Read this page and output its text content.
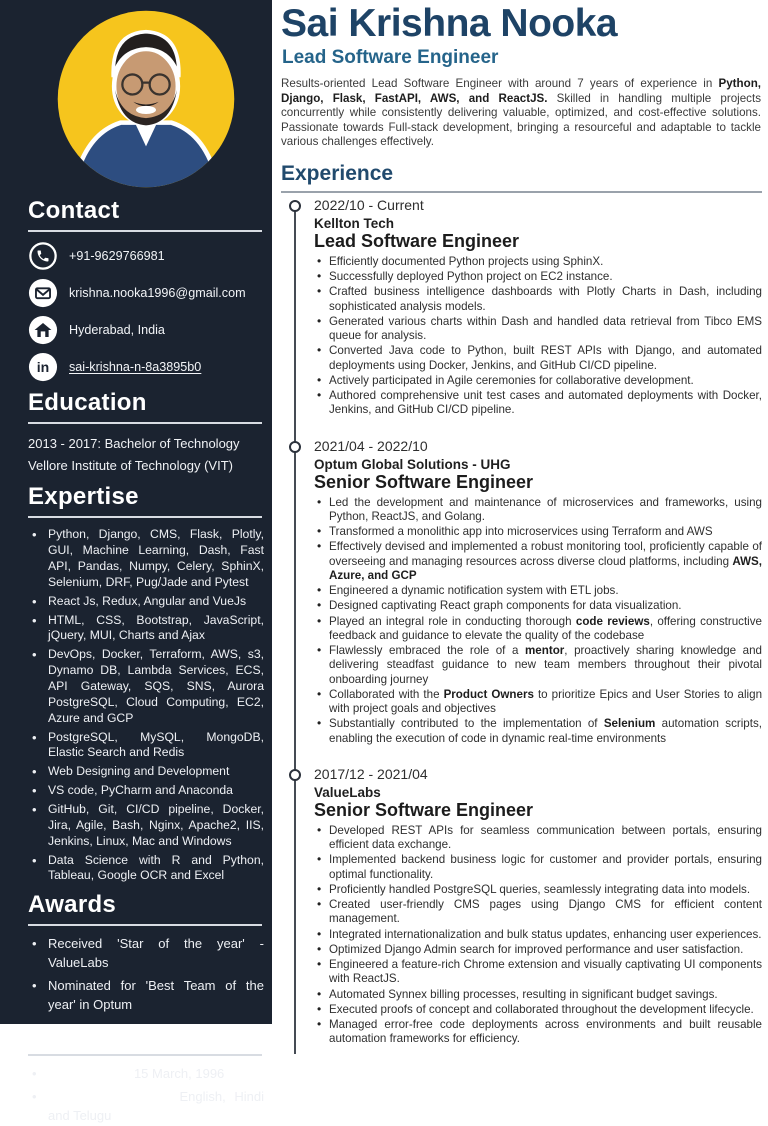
Contact
+91-9629766981
krishna.nooka1996@gmail.com
Hyderabad, India
in sai-krishna-n-8a3895b0
Education

2013 - 2017: Bachelor of Technology

Vellore Institute of Technology (VIT)

Expertise
• Python, Django, CMS, Flask, Plotly, GUI, Machine Learning, Dash, Fast API, Pandas, Numpy, Celery, SphinX, Selenium, DRF, Pug/Jade and Pytest
• React Js, Redux, Angular and VueJs
• HTML, CSS, Bootstrap, JavaScript, jQuery, MUI, Charts and Ajax
• DevOps, Docker, Terraform, AWS, s3, Dynamo DB, Lambda Services, ECS, API Gateway, SQS, SNS, Aurora PostgreSQL, Cloud Computing, EC2, Azure and GCP
• PostgreSQL, MySQL, MongoDB, Elastic Search and Redis
• Web Designing and Development
• VS code, PyCharm and Anaconda
• GitHub, Git, CI/CD pipeline, Docker, Jira, Agile, Bash, Nginx, Apache2, IIS, Jenkins, Linux, Mac and Windows
• Data Science with R and Python, Tableau, Google OCR and Excel
Awards
• Received 'Star of the year' - ValueLabs
• Nominated for 'Best Team of the year' in Optum
Personal Details
• Date of Birth: 15 March, 1996
• Languages known: English, Hindi and Telugu
Sai Krishna Nooka
Lead Software Engineer

Results-oriented Lead Software Engineer with around 7 years of experience in Python, Django, Flask, FastAPI, AWS, and ReactJS. Skilled in handling multiple projects concurrently while consistently delivering valuable, optimized, and cost-effective solutions. Passionate towards Full-stack development, bringing a resourceful and adaptable to tackle various challenges effectively.

Experience
2022/10 - Current
Kellton Tech
Lead Software Engineer
• Efficiently documented Python projects using SphinX.
• Successfully deployed Python project on EC2 instance.
• Crafted business intelligence dashboards with Plotly Charts in Dash, including sophisticated analysis models.
• Generated various charts within Dash and handled data retrieval from Tibco EMS queue for analysis.
• Converted Java code to Python, built REST APIs with Django, and automated deployments using Docker, Jenkins, and GitHub CI/CD pipeline.
• Actively participated in Agile ceremonies for collaborative development.
• Authored comprehensive unit test cases and automated deployments with Docker, Jenkins, and GitHub CI/CD pipeline.
2021/04 - 2022/10
Optum Global Solutions - UHG
Senior Software Engineer
• Led the development and maintenance of microservices and frameworks, using Python, ReactJS, and Golang.
• Transformed a monolithic app into microservices using Terraform and AWS
• Effectively devised and implemented a robust monitoring tool, proficiently capable of overseeing and managing resources across diverse cloud platforms, including AWS, Azure, and GCP
• Engineered a dynamic notification system with ETL jobs.
• Designed captivating React graph components for data visualization.
• Played an integral role in conducting thorough code reviews, offering constructive feedback and guidance to elevate the quality of the codebase
• Flawlessly embraced the role of a mentor, proactively sharing knowledge and delivering steadfast guidance to new team members throughout their pivotal onboarding journey
• Collaborated with the Product Owners to prioritize Epics and User Stories to align with project goals and objectives
• Substantially contributed to the implementation of Selenium automation scripts, enabling the execution of code in dynamic real-time environments
2017/12 - 2021/04
ValueLabs
Senior Software Engineer
• Developed REST APIs for seamless communication between portals, ensuring efficient data exchange.
• Implemented backend business logic for customer and provider portals, ensuring optimal functionality.
• Proficiently handled PostgreSQL queries, seamlessly integrating data into models.
• Created user-friendly CMS pages using Django CMS for efficient content management.
• Integrated internationalization and bulk status updates, enhancing user experiences.
• Optimized Django Admin search for improved performance and user satisfaction.
• Engineered a feature-rich Chrome extension and visually captivating UI components with ReactJS.
• Automated Synnex billing processes, resulting in significant budget savings.
• Executed proofs of concept and collaborated throughout the development lifecycle.
• Managed error-free code deployments across environments and built reusable automation frameworks for efficiency.
